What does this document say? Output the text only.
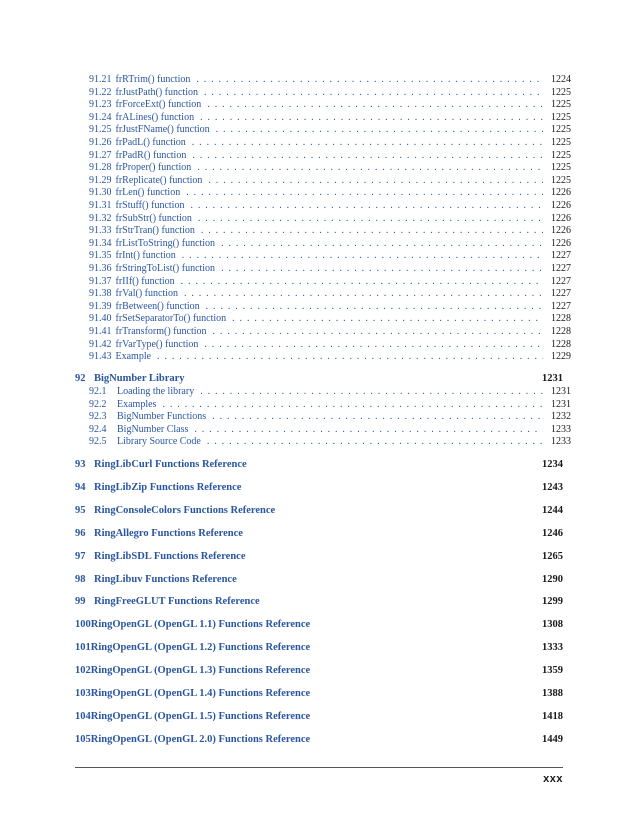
91.21 frRTrim() function . . .	1224
91.22 frJustPath() function . . .	1225
91.23 frForceExt() function . . .	1225
91.24 frALines() function . . .	1225
91.25 frJustFName() function . . .	1225
91.26 frPadL() function . . .	1225
91.27 frPadR() function . . .	1225
91.28 frProper() function . . .	1225
91.29 frReplicate() function . . .	1225
91.30 frLen() function . . .	1226
91.31 frStuff() function . . .	1226
91.32 frSubStr() function . . .	1226
91.33 frStrTran() function . . .	1226
91.34 frListToString() function . . .	1226
91.35 frInt() function . . .	1227
91.36 frStringToList() function . . .	1227
91.37 frIIf() function . . .	1227
91.38 frVal() function . . .	1227
91.39 frBetween() function . . .	1227
91.40 frSetSeparatorTo() function . . .	1228
91.41 frTransform() function . . .	1228
91.42 frVarType() function . . .	1228
91.43 Example . . .	1229
92 BigNumber Library	1231
92.1	Loading the library . . .	1231
92.2	Examples . . .	1231
92.3	BigNumber Functions . . .	1232
92.4	BigNumber Class . . .	1233
92.5	Library Source Code . . .	1233
93 RingLibCurl Functions Reference	1234
94 RingLibZip Functions Reference	1243
95 RingConsoleColors Functions Reference	1244
96 RingAllegro Functions Reference	1246
97 RingLibSDL Functions Reference	1265
98 RingLibuv Functions Reference	1290
99 RingFreeGLUT Functions Reference	1299
100 RingOpenGL (OpenGL 1.1) Functions Reference	1308
101 RingOpenGL (OpenGL 1.2) Functions Reference	1333
102 RingOpenGL (OpenGL 1.3) Functions Reference	1359
103 RingOpenGL (OpenGL 1.4) Functions Reference	1388
104 RingOpenGL (OpenGL 1.5) Functions Reference	1418
105 RingOpenGL (OpenGL 2.0) Functions Reference	1449
xxx
